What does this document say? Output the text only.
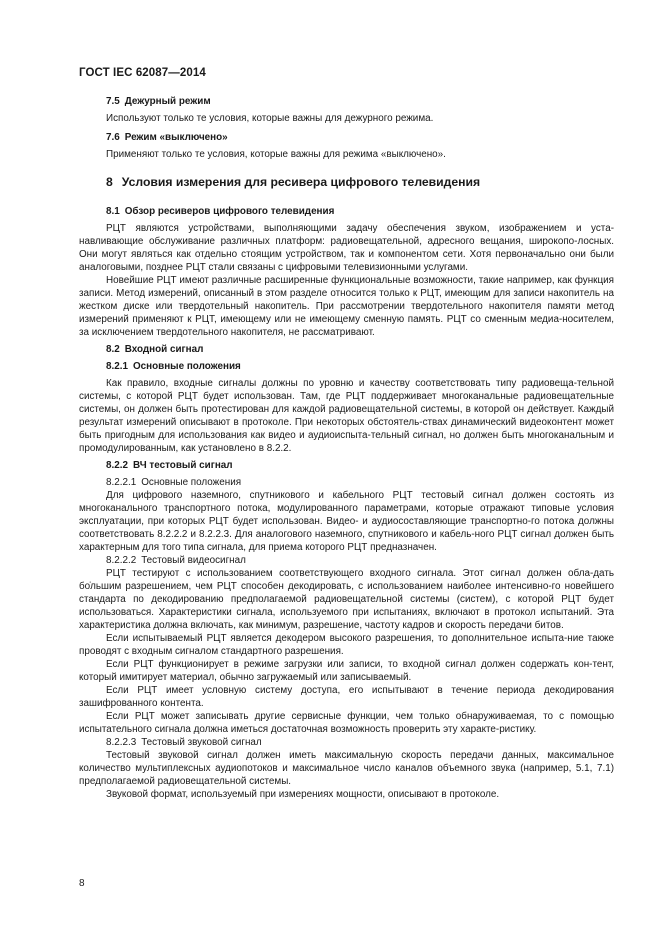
ГОСТ IEC 62087—2014
7.5 Дежурный режим

Используют только те условия, которые важны для дежурного режима.

7.6 Режим «выключено»

Применяют только те условия, которые важны для режима «выключено».

8 Условия измерения для ресивера цифрового телевидения
8.1 Обзор ресиверов цифрового телевидения

РЦТ являются устройствами, выполняющими задачу обеспечения звуком, изображением и уста-навливающие обслуживание различных платформ: радиовещательной, адресного вещания, широкопо-лосных. Они могут являться как отдельно стоящим устройством, так и компонентом сети. Хотя первоначально они были аналоговыми, позднее РЦТ стали связаны с цифровыми телевизионными услугами.

Новейшие РЦТ имеют различные расширенные функциональные возможности, такие например, как функция записи. Метод измерений, описанный в этом разделе относится только к РЦТ, имеющим для записи накопитель на жестком диске или твердотельный накопитель. При рассмотрении твердотельного накопителя памяти метод измерений применяют к РЦТ, имеющему или не имеющему сменную память. РЦТ со сменным медиа-носителем, за исключением твердотельного накопителя, не рассматривают.

8.2 Входной сигнал
8.2.1 Основные положения

Как правило, входные сигналы должны по уровню и качеству соответствовать типу радиовеща-тельной системы, с которой РЦТ будет использован. Там, где РЦТ поддерживает многоканальные радиовещательные системы, он должен быть протестирован для каждой радиовещательной системы, в которой он действует. Каждый результат измерений описывают в протоколе. При некоторых обстоятель-ствах динамический видеоконтент может быть пригодным для использования как видео и аудиоиспыта-тельный сигнал, но должен быть многоканальным и промодулированным, как установлено в 8.2.2.

8.2.2 ВЧ тестовый сигнал
8.2.2.1 Основные положения

Для цифрового наземного, спутникового и кабельного РЦТ тестовый сигнал должен состоять из многоканального транспортного потока, модулированного параметрами, которые отражают типовые условия эксплуатации, при которых РЦТ будет использован. Видео- и аудиосоставляющие транспортно-го потока должны соответствовать 8.2.2.2 и 8.2.2.3. Для аналогового наземного, спутникового и кабель-ного РЦТ сигнал должен быть характерным для того типа сигнала, для приема которого РЦТ предназначен.

8.2.2.2 Тестовый видеосигнал

РЦТ тестируют с использованием соответствующего входного сигнала. Этот сигнал должен обла-дать бо̍льшим разрешением, чем РЦТ способен декодировать, с использованием наиболее интенсивно-го новейшего стандарта по декодированию предполагаемой радиовещательной системы (систем), с которой РЦТ будет использоваться. Характеристики сигнала, используемого при испытаниях, включают в протокол испытаний. Эта характеристика должна включать, как минимум, разрешение, частоту кадров и скорость передачи битов.

Если испытываемый РЦТ является декодером высокого разрешения, то дополнительное испыта-ние также проводят с входным сигналом стандартного разрешения.

Если РЦТ функционирует в режиме загрузки или записи, то входной сигнал должен содержать кон-тент, который имитирует материал, обычно загружаемый или записываемый.

Если РЦТ имеет условную систему доступа, его испытывают в течение периода декодирования зашифрованного контента.

Если РЦТ может записывать другие сервисные функции, чем только обнаруживаемая, то с помощью испытательного сигнала должна иметься достаточная возможность проверить эту характе-ристику.

8.2.2.3 Тестовый звуковой сигнал

Тестовый звуковой сигнал должен иметь максимальную скорость передачи данных, максимальное количество мультиплексных аудиопотоков и максимальное число каналов объемного звука (например, 5.1, 7.1) предполагаемой радиовещательной системы.

Звуковой формат, используемый при измерениях мощности, описывают в протоколе.

8
